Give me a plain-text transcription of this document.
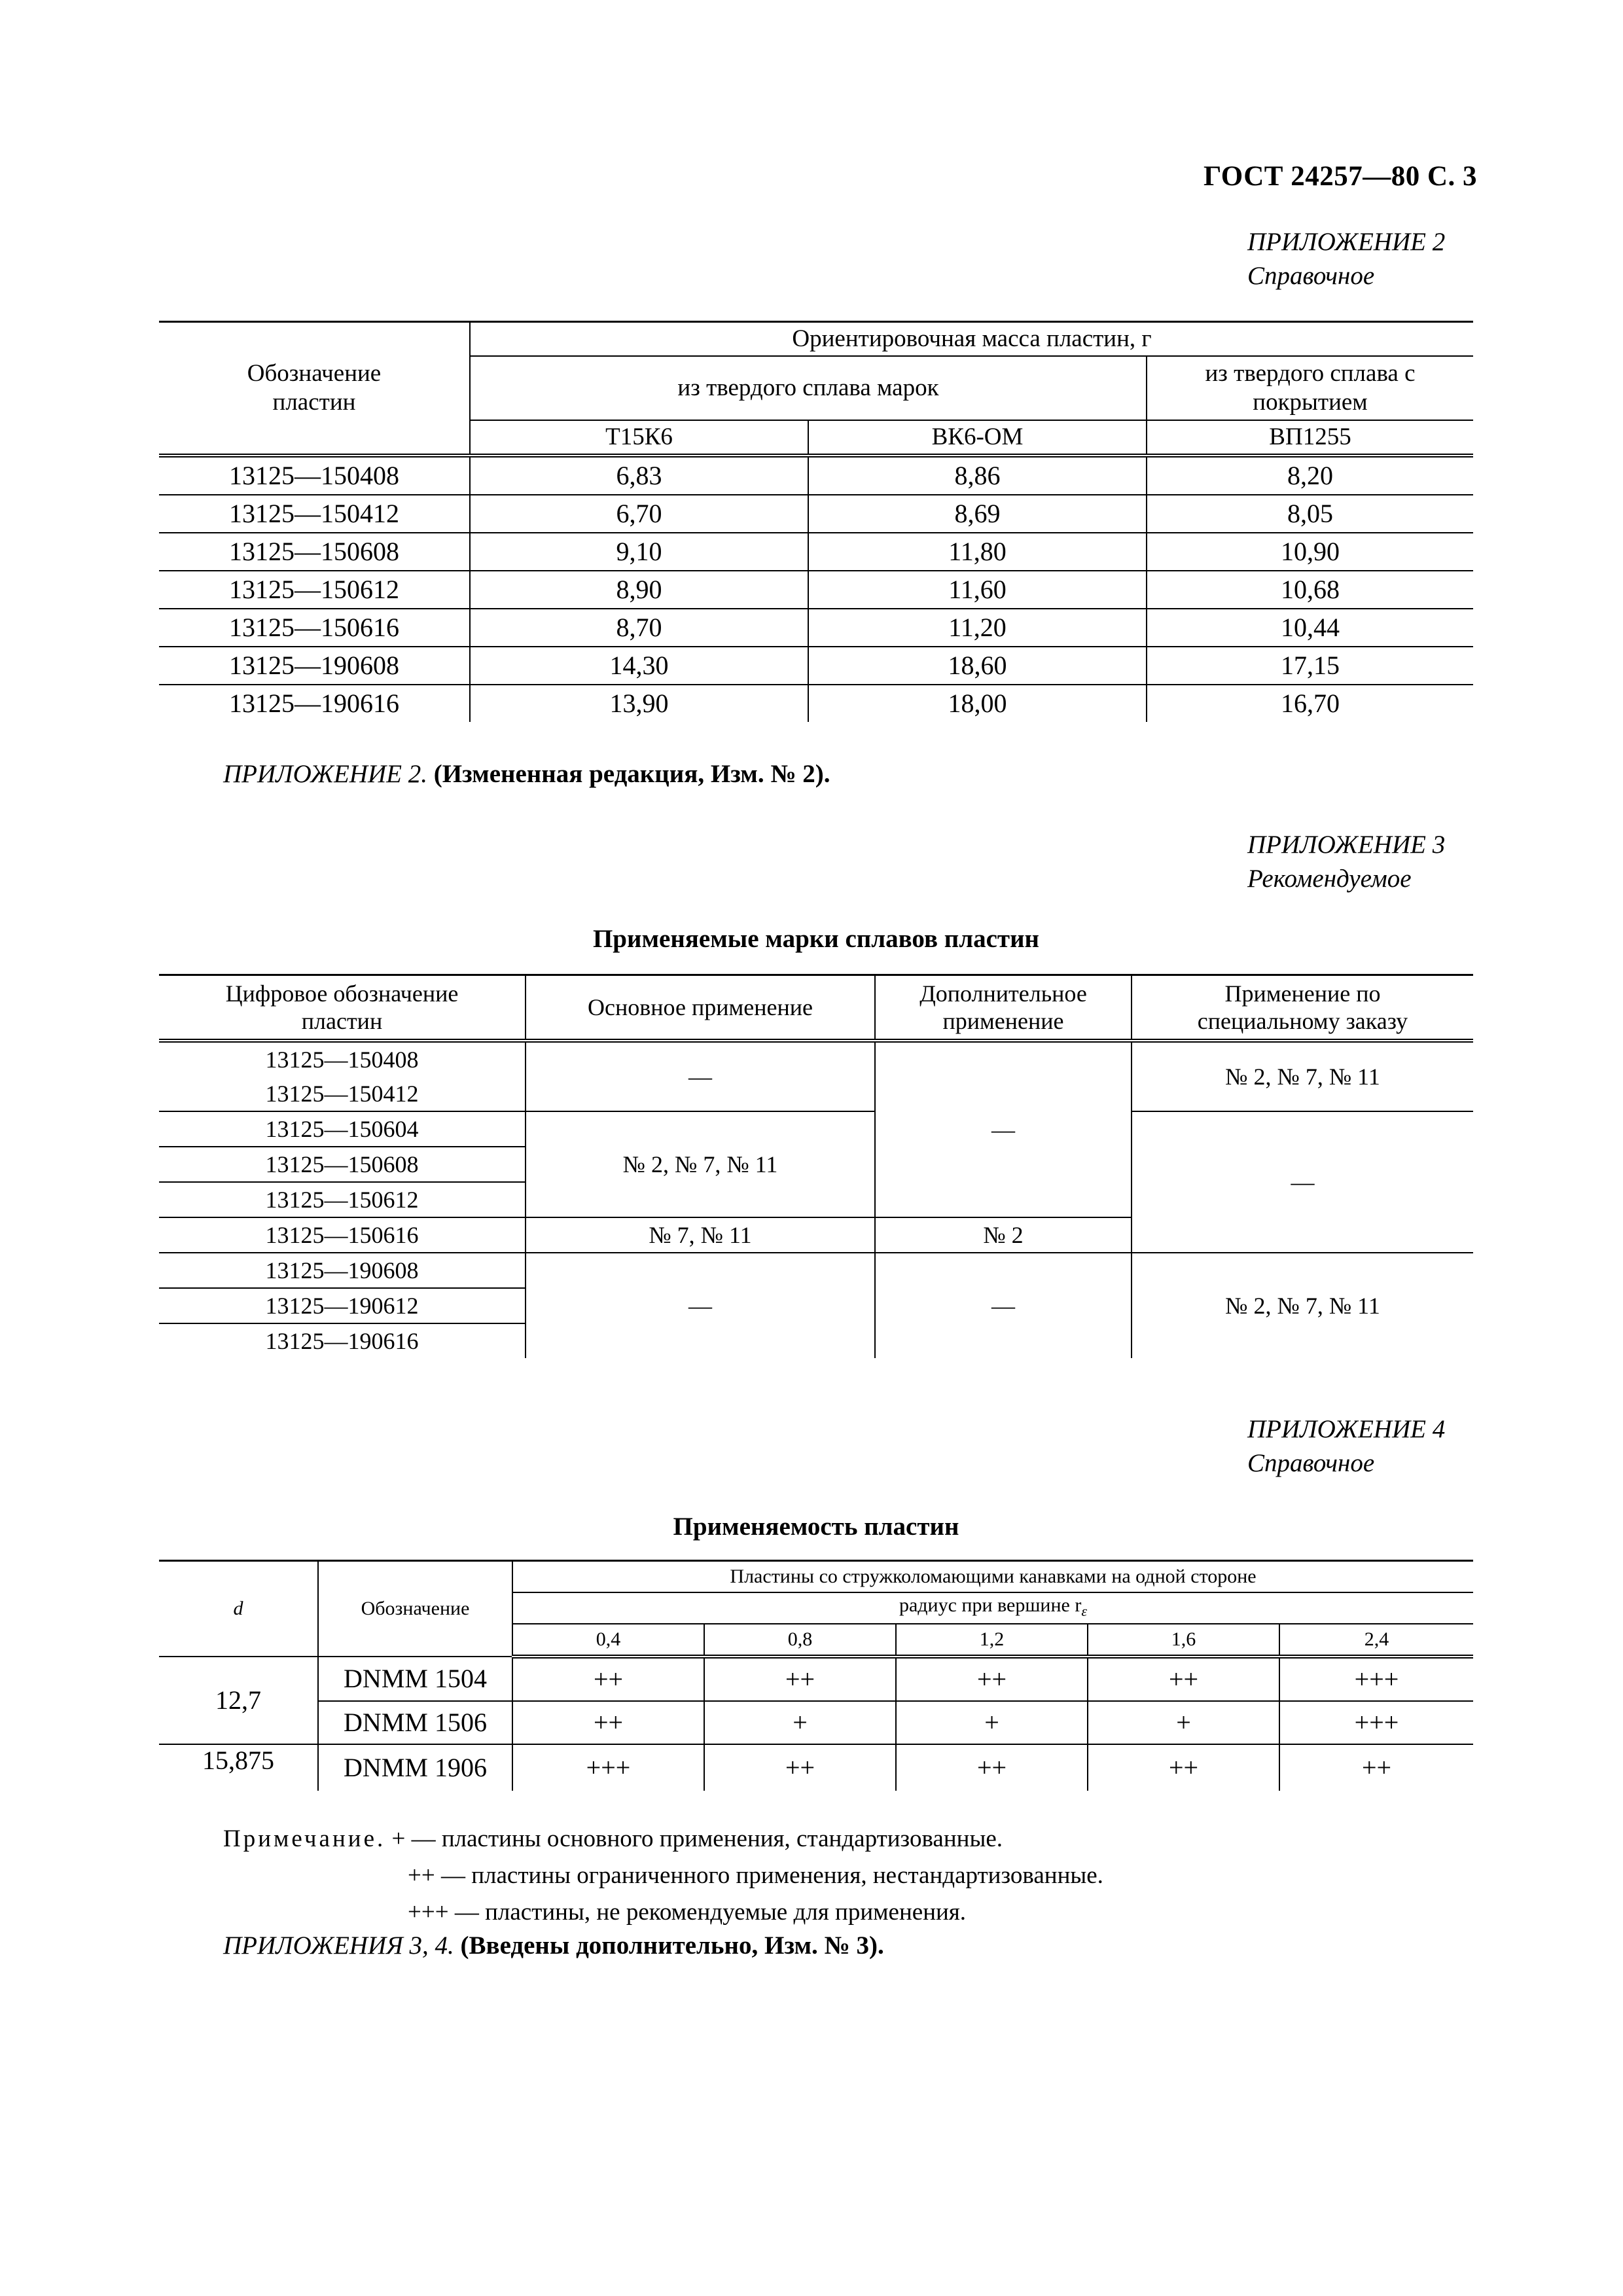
ГОСТ 24257—80 С. 3
ПРИЛОЖЕНИЕ 2
Справочное
Обозначение пластин	Ориентировочная масса пластин, г		
	из твердого сплава марок		из твердого сплава с покрытием
	Т15К6	ВК6-ОМ	ВП1255
13125—150408	6,83	8,86	8,20
13125—150412	6,70	8,69	8,05
13125—150608	9,10	11,80	10,90
13125—150612	8,90	11,60	10,68
13125—150616	8,70	11,20	10,44
13125—190608	14,30	18,60	17,15
13125—190616	13,90	18,00	16,70
ПРИЛОЖЕНИЕ 2. (Измененная редакция, Изм. № 2).
ПРИЛОЖЕНИЕ 3
Рекомендуемое
Применяемые марки сплавов пластин
Цифровое обозначение пластин	Основное применение	Дополнительное применение	Применение по специальному заказу
13125—150408	—	—	№ 2, № 7, № 11
13125—150412			
13125—150604	№ 2, № 7, № 11		—
13125—150608			
13125—150612			
13125—150616	№ 7, № 11	№ 2	
13125—190608	—	—	№ 2, № 7, № 11
13125—190612			
13125—190616			
ПРИЛОЖЕНИЕ 4
Справочное
Применяемость пластин
d	Обозначение	Пластины со стружколомающими канавками на одной стороне				
		радиус при вершине $r_\varepsilon$
		0,4	0,8	1,2	1,6	2,4
12,7	DNMM 1504	++	++	++	++	+++
	DNMM 1506	++	+	+	+	+++
15,875	DNMM 1906	+++	++	++	++	++
Примечание. + — пластины основного применения, стандартизованные.
++ — пластины ограниченного применения, нестандартизованные.
+++ — пластины, не рекомендуемые для применения.
ПРИЛОЖЕНИЯ 3, 4. (Введены дополнительно, Изм. № 3).
